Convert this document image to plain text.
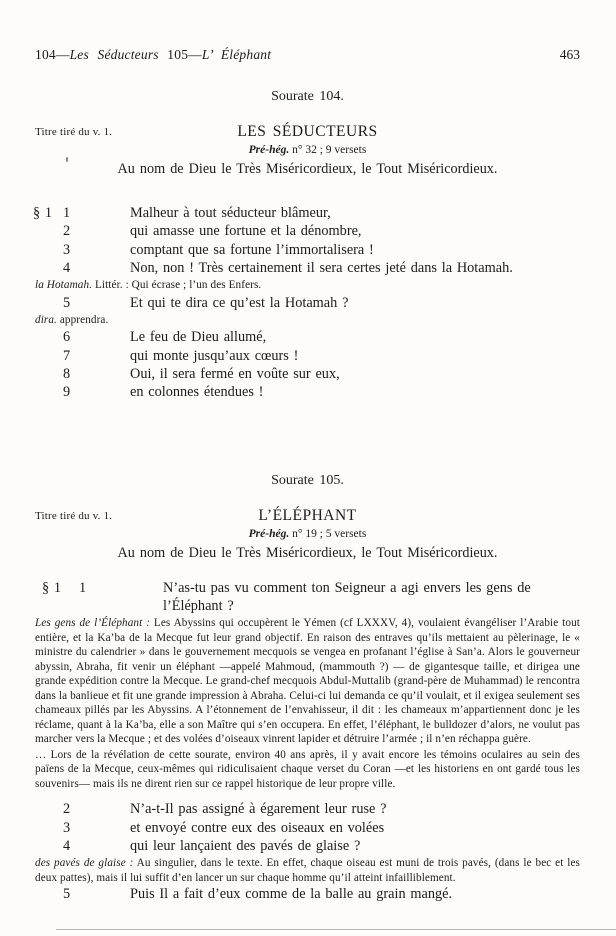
104—Les Séducteurs 105—L’ Éléphant	463
Sourate 104.
Titre tiré du v. 1.	LES SÉDUCTEURS
Pré-hég. n° 32 ; 9 versets
Au nom de Dieu le Très Miséricordieux, le Tout Miséricordieux.
§ 1 1	Malheur à tout séducteur blâmeur,
2	qui amasse une fortune et la dénombre,
3	comptant que sa fortune l’immortalisera !
4	Non, non ! Très certainement il sera certes jeté dans la Hotamah.
la Hotamah. Littér. : Qui écrase ; l’un des Enfers.
5	Et qui te dira ce qu’est la Hotamah ?
dira. apprendra.
6	Le feu de Dieu allumé,
7	qui monte jusqu’aux cœurs !
8	Oui, il sera fermé en voûte sur eux,
9	en colonnes étendues !
Sourate 105.
Titre tiré du v. 1.	L’ÉLÉPHANT
Pré-hég. n° 19 ; 5 versets
Au nom de Dieu le Très Miséricordieux, le Tout Miséricordieux.
§ 1 1	N’as-tu pas vu comment ton Seigneur a agi envers les gens de l’Éléphant ?
Les gens de l’Éléphant : Les Abyssins qui occupèrent le Yémen (cf LXXXV, 4), voulaient évangéliser l’Arabie tout entière, et la Ka’ba de la Mecque fut leur grand objectif. En raison des entraves qu’ils mettaient au pèlerinage, le « ministre du calendrier » dans le gouvernement mecquois se vengea en profanant l’église à San’a. Alors le gouverneur abyssin, Abraha, fit venir un éléphant —appelé Mahmoud, (mammouth ?) — de gigantesque taille, et dirigea une grande expédition contre la Mecque. Le grand-chef mecquois Abdul-Muttalib (grand-père de Muhammad) le rencontra dans la banlieue et fit une grande impression à Abraha. Celui-ci lui demanda ce qu’il voulait, et il exigea seulement ses chameaux pillés par les Abyssins. A l’étonnement de l’envahisseur, il dit : les chameaux m’appartiennent donc je les réclame, quant à la Ka’ba, elle a son Maître qui s’en occupera. En effet, l’éléphant, le bulldozer d’alors, ne voulut pas marcher vers la Mecque ; et des volées d’oiseaux vinrent lapider et détruire l’armée ; il n’en réchappa guère.
… Lors de la révélation de cette sourate, environ 40 ans après, il y avait encore les témoins oculaires au sein des païens de la Mecque, ceux-mêmes qui ridiculisaient chaque verset du Coran —et les historiens en ont gardé tous les souvenirs— mais ils ne dirent rien sur ce rappel historique de leur propre ville.
2	N’a-t-Il pas assigné à égarement leur ruse ?
3	et envoyé contre eux des oiseaux en volées
4	qui leur lançaient des pavés de glaise ?
des pavés de glaise : Au singulier, dans le texte. En effet, chaque oiseau est muni de trois pavés, (dans le bec et les deux pattes), mais il lui suffit d’en lancer un sur chaque homme qu’il atteint infailliblement.
5	Puis Il a fait d’eux comme de la balle au grain mangé.
